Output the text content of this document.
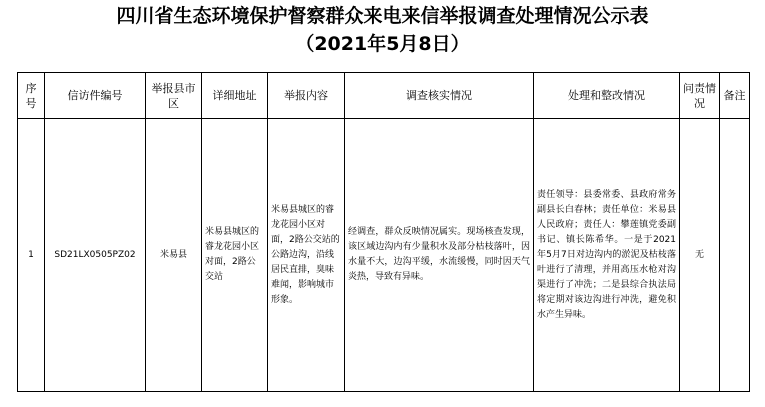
四川省生态环境保护督察群众来电来信举报调查处理情况公示表
（2021年5月8日）
序号	信访件编号	举报县市区	详细地址	举报内容	调查核实情况	处理和整改情况	问责情况	备注
1	SD21LX0505PZ02	米易县	米易县城区的睿龙花园小区对面，2路公交站	米易县城区的睿龙花园小区对面，2路公交站的公路边沟，沿线居民直排，臭味难闻，影响城市形象。	经调查，群众反映情况属实。现场核查发现，该区域边沟内有少量积水及部分枯枝落叶，因水量不大，边沟平缓，水流缓慢，同时因天气炎热，导致有异味。	责任领导：县委常委、县政府常务副县长白春林；责任单位：米易县人民政府；责任人：攀莲镇党委副书记、镇长陈希华。一是于2021年5月7日对边沟内的淤泥及枯枝落叶进行了清理，并用高压水枪对沟渠进行了冲洗；二是县综合执法局将定期对该边沟进行冲洗，避免积水产生异味。	无	
